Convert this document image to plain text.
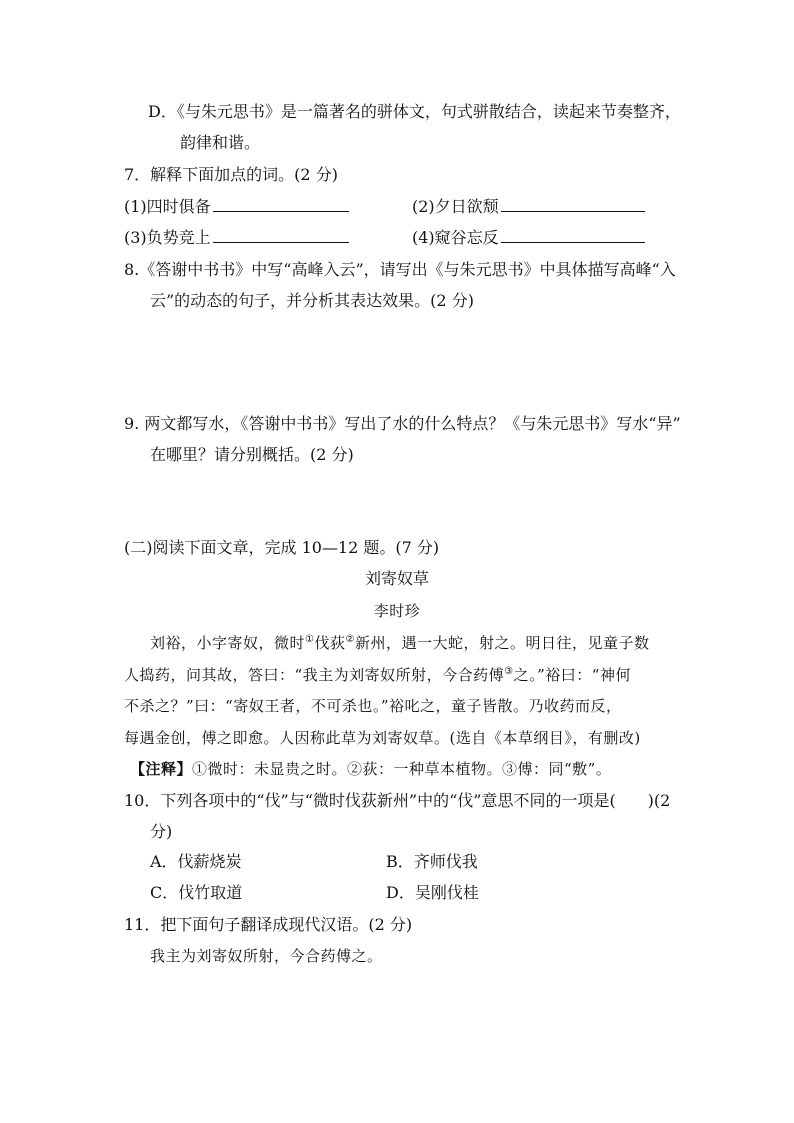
D．《与朱元思书》是一篇著名的骈体文，句式骈散结合，读起来节奏整齐，
韵律和谐。
7．解释下面加点的词。(2 分)
(1)四时俱备	(2)夕日欲颓
(3)负势竞上	(4)窥谷忘反
8.《答谢中书书》中写“高峰入云”，请写出《与朱元思书》中具体描写高峰“入
云”的动态的句子，并分析其表达效果。(2 分)
9. 两文都写水，《答谢中书书》写出了水的什么特点？《与朱元思书》写水“异”
在哪里？请分别概括。(2 分)
(二)阅读下面文章，完成 10—12 题。(7 分)
刘寄奴草
李时珍
刘裕，小字寄奴，微时①伐荻②新州，遇一大蛇，射之。明日往，见童子数
人捣药，问其故，答曰：“我主为刘寄奴所射，今合药傅③之。”裕曰：“神何
不杀之？”曰：“寄奴王者，不可杀也。”裕叱之，童子皆散。乃收药而反，
每遇金创，傅之即愈。人因称此草为刘寄奴草。(选自《本草纲目》，有删改)
【注释】①微时：未显贵之时。②荻：一种草本植物。③傅：同“敷”。
10．下列各项中的“伐”与“微时伐荻新州”中的“伐”意思不同的一项是(　　)(2
分)
A．伐薪烧炭	B．齐师伐我
C．伐竹取道	D．吴刚伐桂
11．把下面句子翻译成现代汉语。(2 分)
我主为刘寄奴所射，今合药傅之。
